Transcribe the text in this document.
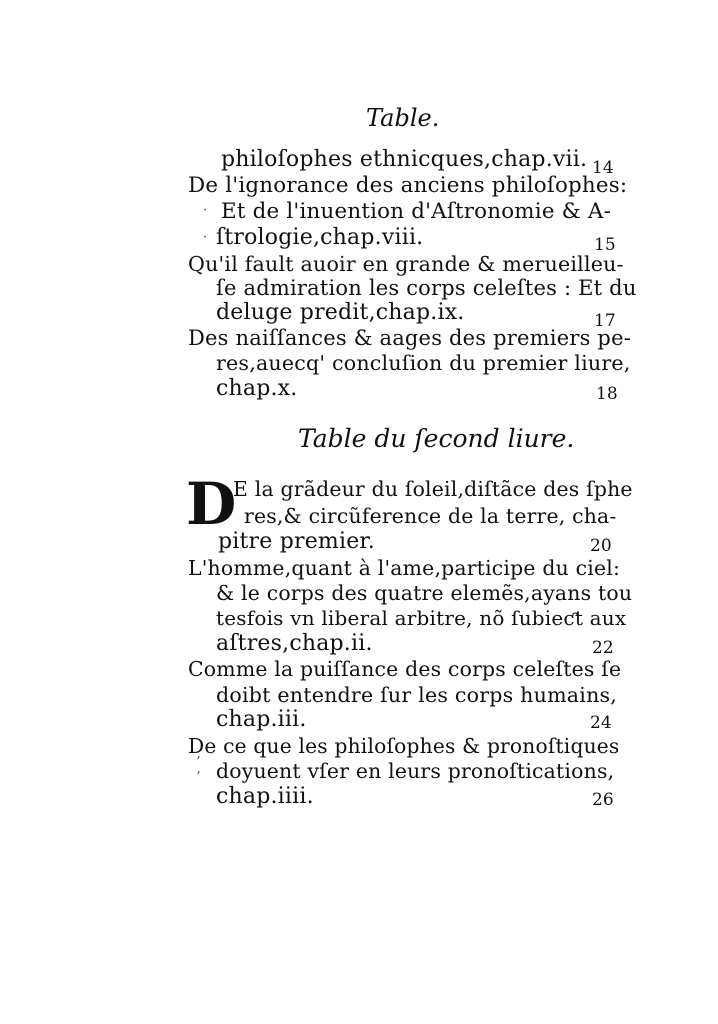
Table.
philoſophes ethnicques,chap.vii. 14
De l'ignorance des anciens philoſophes:
Et de l'inuention d'Aſtronomie & A-
ſtrologie,chap.viii.	15
Qu'il fault auoir en grande & merueilleu-
ſe admiration les corps celeſtes : Et du
deluge predit,chap.ix.	17
Des naiſſances & aages des premiers pe-
res,auecq' concluſion du premier liure,
chap.x.	18
Table du ſecond liure.
D
E la grãdeur du ſoleil,diſtãce des ſphe
res,& circũference de la terre, cha-
pitre premier.	20
L'homme,quant à l'ame,participe du ciel:
& le corps des quatre elemẽs,ayans tou
tesfois vn liberal arbitre, nõ ſubieƈt aux
aſtres,chap.ii.	22
Comme la puiſſance des corps celeſtes ſe
doibt entendre ſur les corps humains,
chap.iii.	24
De ce que les philoſophes & pronoſtiques
doyuent vſer en leurs pronoſtications,
chap.iiii.	26
·
·
ʼ
ʼ
